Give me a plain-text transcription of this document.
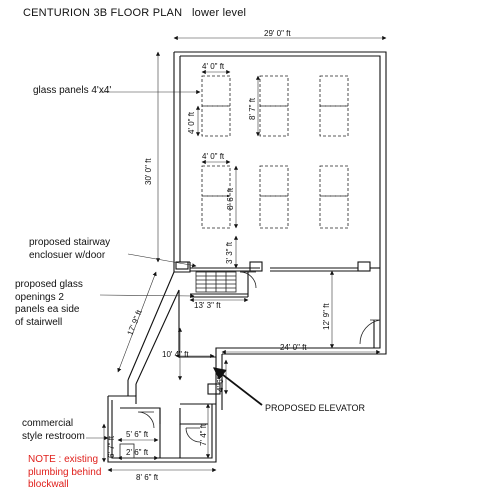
CENTURION 3B FLOOR PLAN lower level
glass panels 4'x4'
proposed stairway
enclosuer w/door
proposed glass
openings 2
panels ea side
of stairwell
PROPOSED ELEVATOR
commercial
style restroom
NOTE : existing
plumbing behind
blockwall
29' 0" ft
30' 0" ft
4' 0" ft
4' 0" ft
8' 7" ft
4' 0" ft
8' 6" ft
3' 3" ft
13' 3" ft	12' 9" ft
24' 0" ft
17' 9" ft
10' 4" ft
4' 6" ft
5' 6" ft
2' 6" ft
8' 6" ft
6' 7" ft
7' 4" ft
